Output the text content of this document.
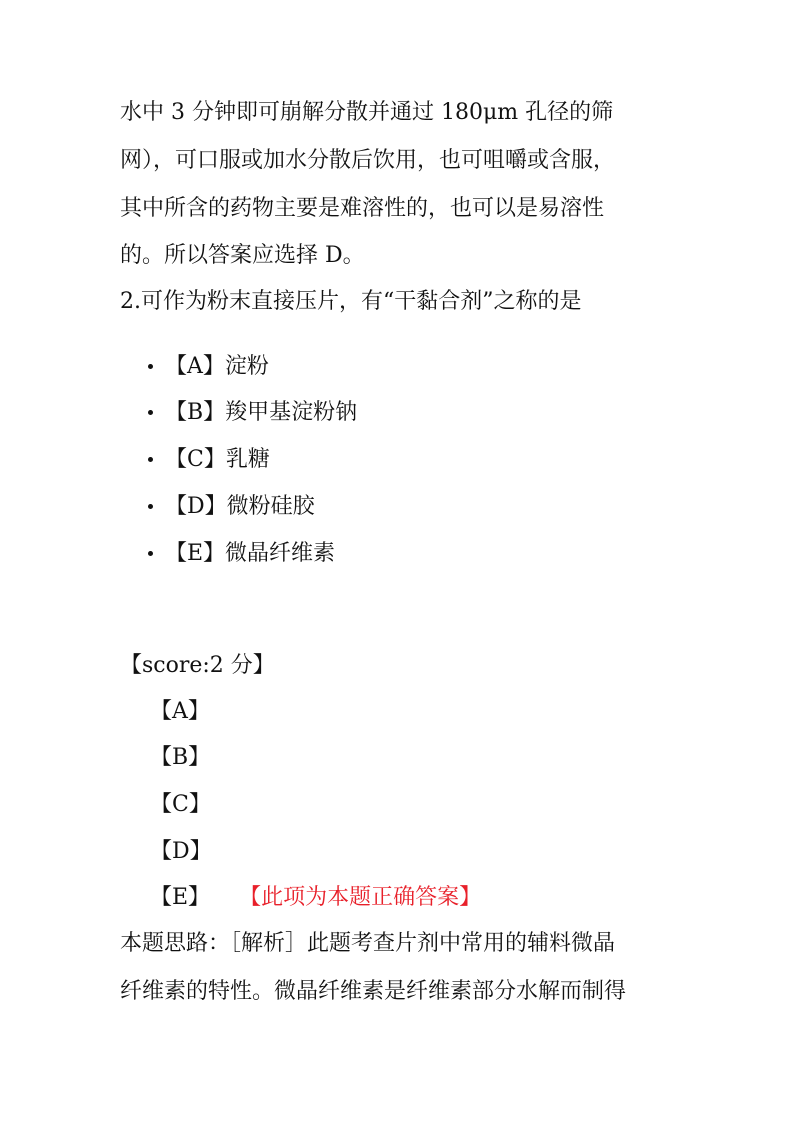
水中 3 分钟即可崩解分散并通过 180μm 孔径的筛
网），可口服或加水分散后饮用，也可咀嚼或含服，
其中所含的药物主要是难溶性的，也可以是易溶性
的。所以答案应选择 D。
2.可作为粉末直接压片，有“干黏合剂”之称的是
【A】淀粉
【B】羧甲基淀粉钠
【C】乳糖
【D】微粉硅胶
【E】微晶纤维素
【score:2 分】
【A】
【B】
【C】
【D】
【E】 【此项为本题正确答案】
本题思路：［解析］此题考查片剂中常用的辅料微晶
纤维素的特性。微晶纤维素是纤维素部分水解而制得
